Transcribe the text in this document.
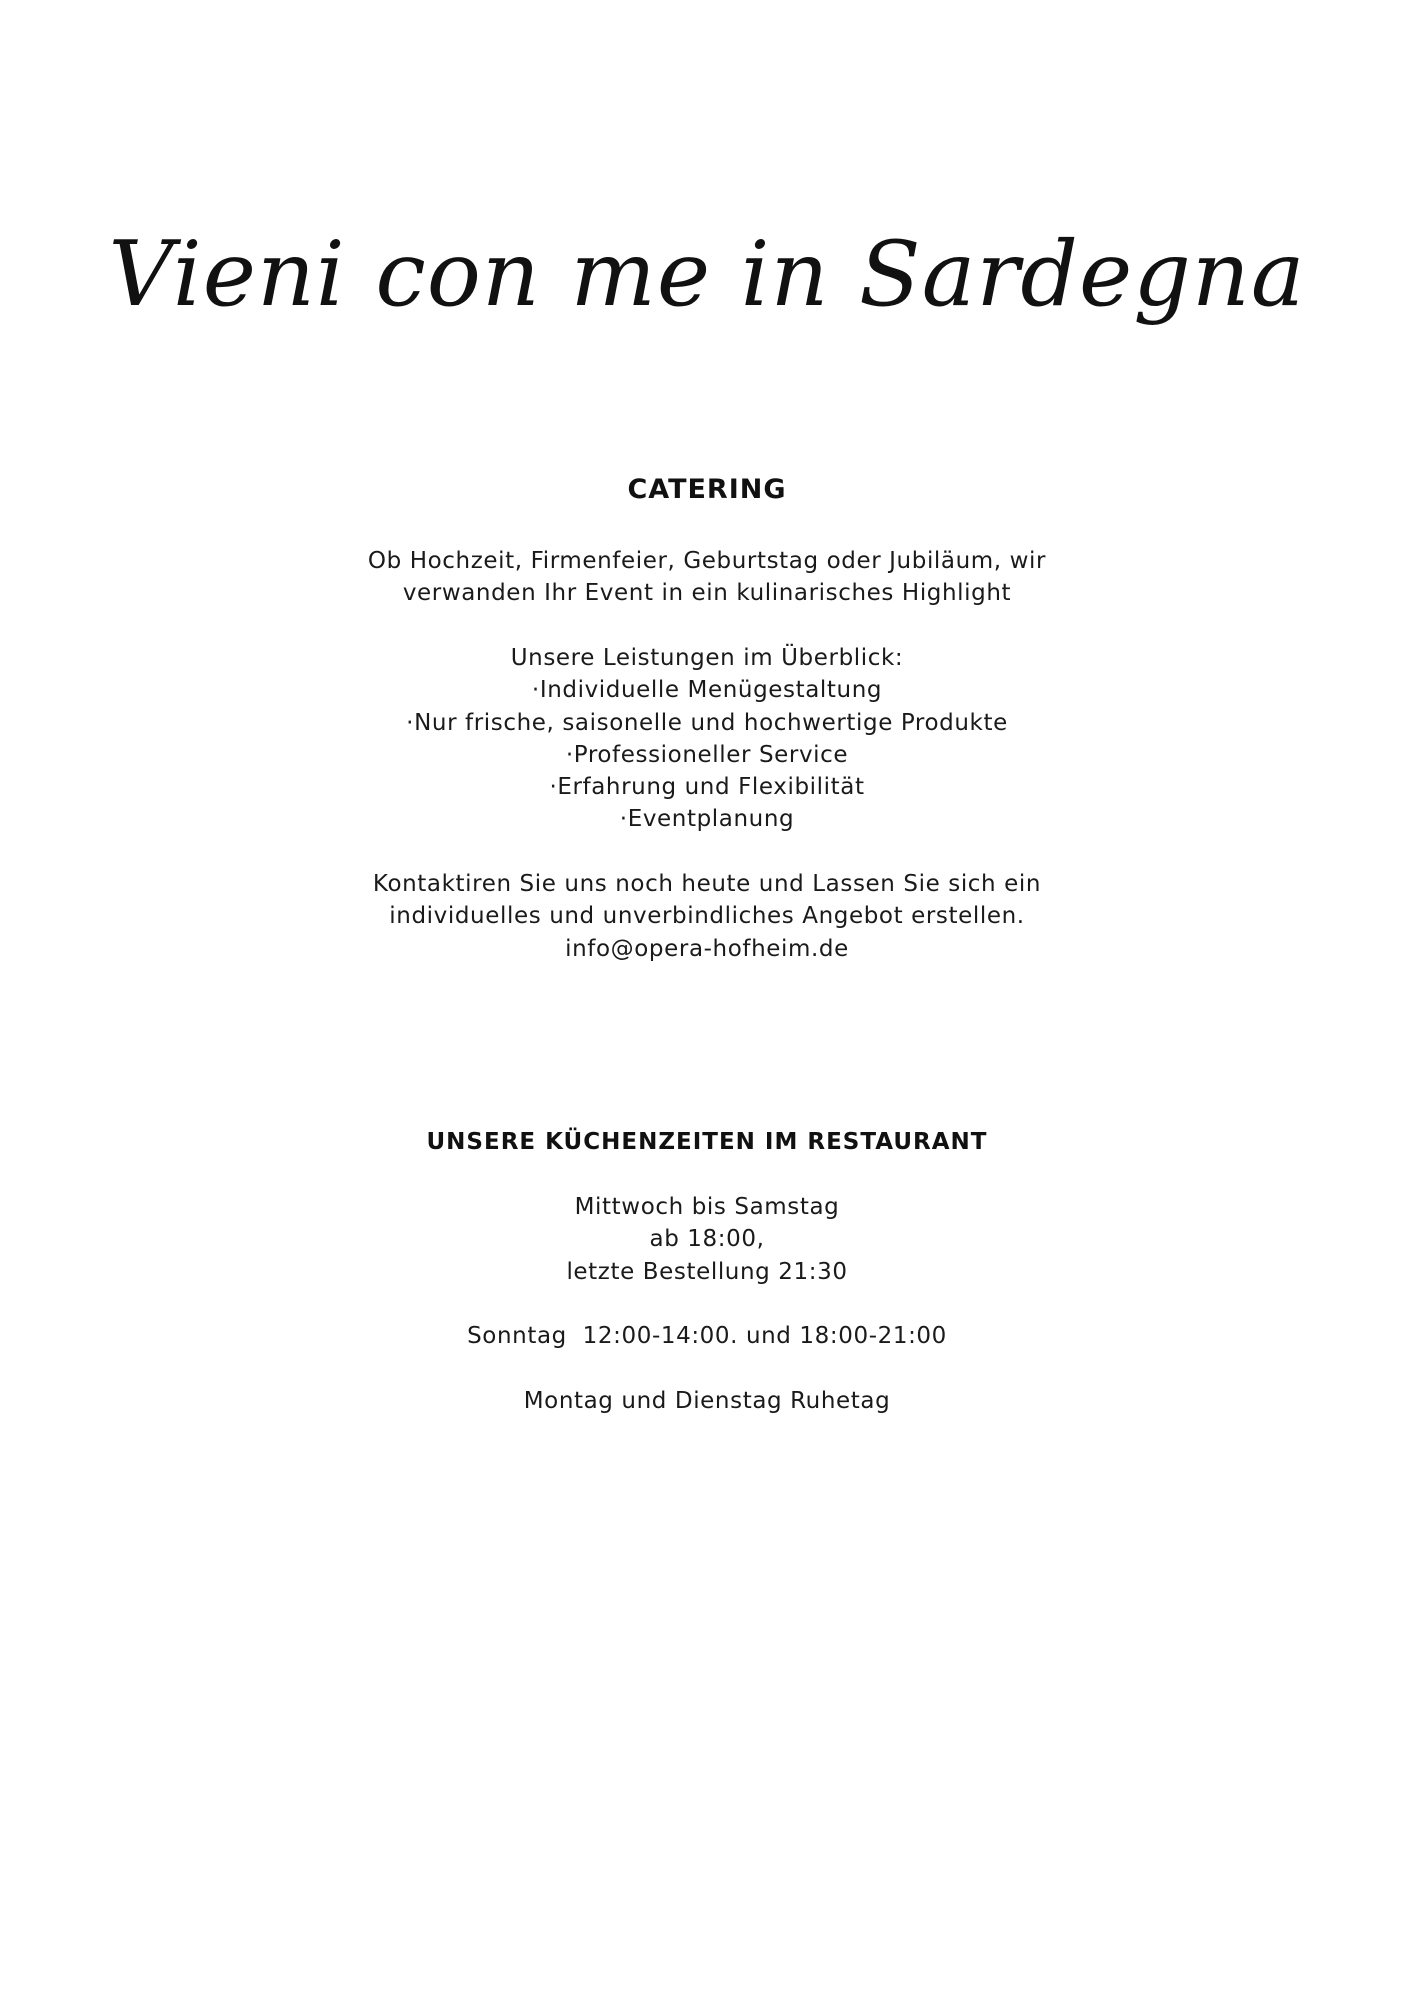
Vieni con me in Sardegna
CATERING
Ob Hochzeit, Firmenfeier, Geburtstag oder Jubiläum, wir
verwanden Ihr Event in ein kulinarisches Highlight
Unsere Leistungen im Überblick:
·Individuelle Menügestaltung
·Nur frische, saisonelle und hochwertige Produkte
·Professioneller Service
·Erfahrung und Flexibilität
·Eventplanung
Kontaktiren Sie uns noch heute und Lassen Sie sich ein
individuelles und unverbindliches Angebot erstellen.
info@opera-hofheim.de
UNSERE KÜCHENZEITEN IM RESTAURANT
Mittwoch bis Samstag
ab 18:00,
letzte Bestellung 21:30
Sonntag  12:00-14:00. und 18:00-21:00
Montag und Dienstag Ruhetag
